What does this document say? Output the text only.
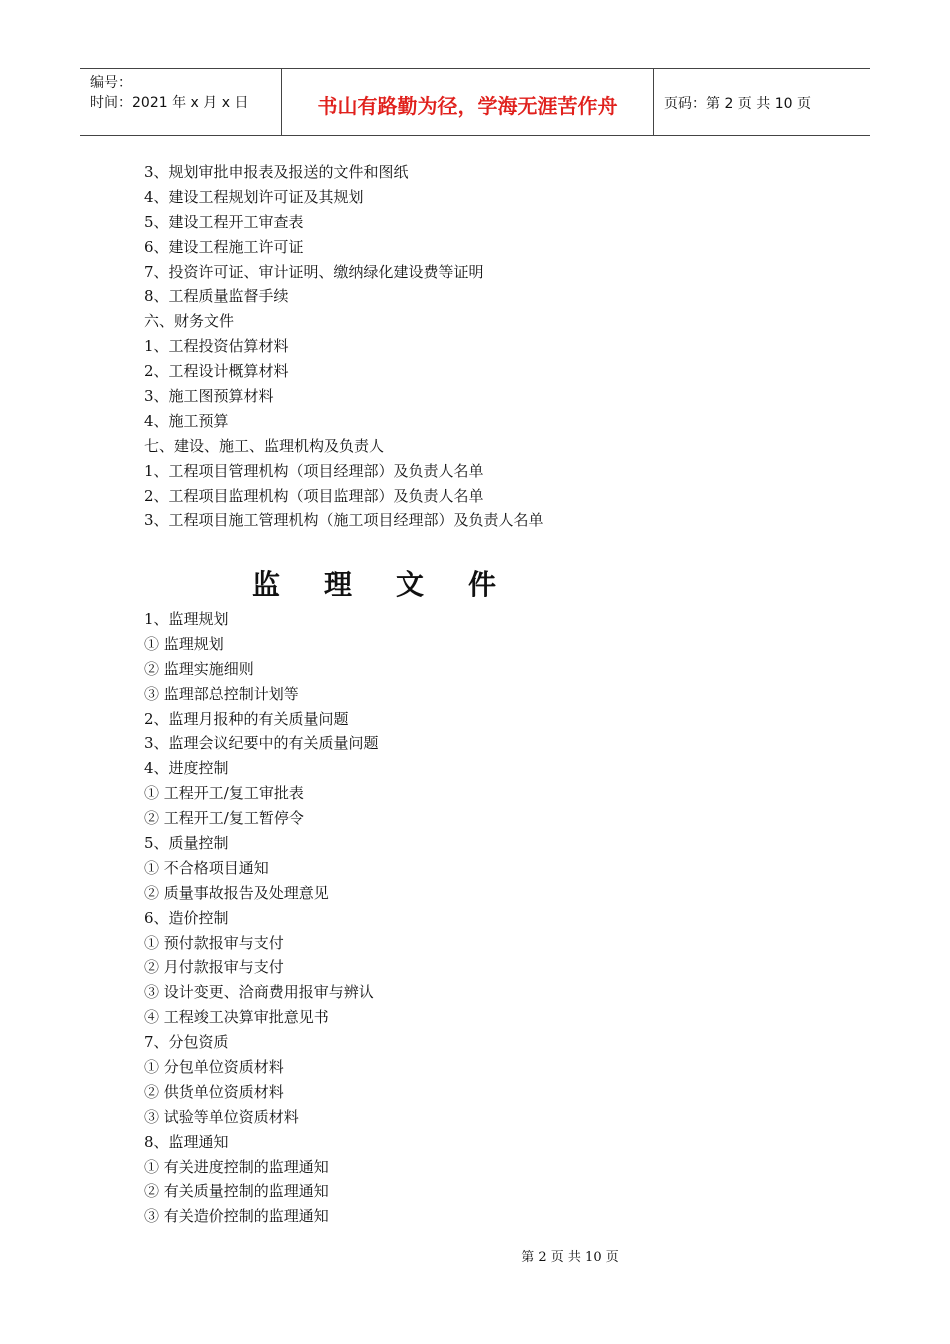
编号：
时间：2021 年 x 月 x 日	书山有路勤为径，学海无涯苦作舟	页码：第 2 页 共 10 页
3、规划审批申报表及报送的文件和图纸
4、建设工程规划许可证及其规划
5、建设工程开工审查表
6、建设工程施工许可证
7、投资许可证、审计证明、缴纳绿化建设费等证明
8、工程质量监督手续
六、财务文件
1、工程投资估算材料
2、工程设计概算材料
3、施工图预算材料
4、施工预算
七、建设、施工、监理机构及负责人
1、工程项目管理机构（项目经理部）及负责人名单
2、工程项目监理机构（项目监理部）及负责人名单
3、工程项目施工管理机构（施工项目经理部）及负责人名单
监理文件
1、监理规划
① 监理规划
② 监理实施细则
③ 监理部总控制计划等
2、监理月报种的有关质量问题
3、监理会议纪要中的有关质量问题
4、进度控制
① 工程开工/复工审批表
② 工程开工/复工暂停令
5、质量控制
① 不合格项目通知
② 质量事故报告及处理意见
6、造价控制
① 预付款报审与支付
② 月付款报审与支付
③ 设计变更、洽商费用报审与辨认
④ 工程竣工决算审批意见书
7、分包资质
① 分包单位资质材料
② 供货单位资质材料
③ 试验等单位资质材料
8、监理通知
① 有关进度控制的监理通知
② 有关质量控制的监理通知
③ 有关造价控制的监理通知
第 2 页 共 10 页
